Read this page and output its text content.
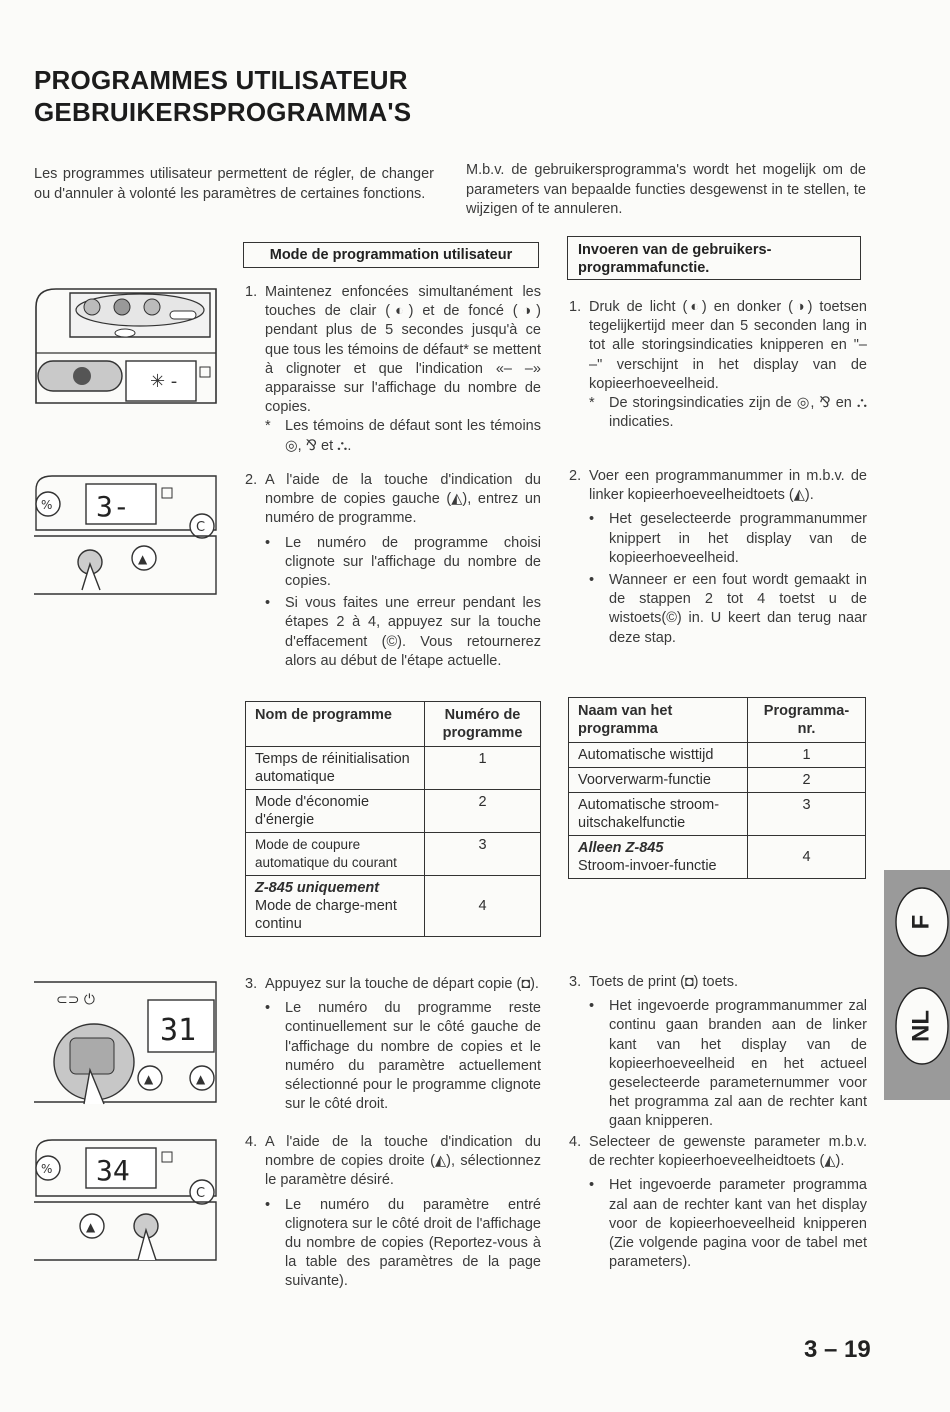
PROGRAMMES UTILISATEUR
GEBRUIKERSPROGRAMMA'S
Les programmes utilisateur permettent de régler, de changer ou d'annuler à volonté les paramètres de certaines fonctions.
M.b.v. de gebruikersprogramma's wordt het mogelijk om de parameters van bepaalde functies desgewenst in te stellen, te wijzigen of te annuleren.
Mode de programmation utilisateur	Invoeren van de gebruikers-programmafunctie.
✳ -
% 3-
C
▲
⊂⊃ ⏻
31
▲	▲
% 34
C
▲
1. Maintenez enfoncées simultanément les touches de clair (◐) et de foncé (◑) pendant plus de 5 secondes jusqu'à ce que tous les témoins de défaut* se mettent à clignoter et que l'indication «– –» apparaisse sur l'affichage du nombre de copies.
* Les témoins de défaut sont les témoins ◎, ⅋ et ⛬.
2. A l'aide de la touche d'indication du nombre de copies gauche (◭), entrez un numéro de programme.
• Le numéro de programme choisi clignote sur l'affichage du nombre de copies.
• Si vous faites une erreur pendant les étapes 2 à 4, appuyez sur la touche d'effacement (©). Vous retournerez alors au début de l'étape actuelle.
3. Appuyez sur la touche de départ copie (◘).
• Le numéro du programme reste continuellement sur le côté gauche de l'affichage du nombre de copies et le numéro du paramètre actuellement sélectionné pour le programme clignote sur le côté droit.
4. A l'aide de la touche d'indication du nombre de copies droite (◭), sélectionnez le paramètre désiré.
• Le numéro du paramètre entré clignotera sur le côté droit de l'affichage du nombre de copies (Reportez-vous à la table des paramètres de la page suivante).
1. Druk de licht (◐) en donker (◑) toetsen tegelijkertijd meer dan 5 seconden lang in tot alle storingsindicaties knipperen en "– –" verschijnt in het display van de kopieerhoeveelheid.
* De storingsindicaties zijn de ◎, ⅋ en ⛬ indicaties.
2. Voer een programmanummer in m.b.v. de linker kopieerhoeveelheidtoets (◭).
• Het geselecteerde programmanummer knippert in het display van de kopieerhoeveelheid.
• Wanneer er een fout wordt gemaakt in de stappen 2 tot 4 toetst u de wistoets(©) in. U keert dan terug naar deze stap.
3. Toets de print (◘) toets.
• Het ingevoerde programmanummer zal continu gaan branden aan de linker kant van het display van de kopieerhoeveelheid en het actueel geselecteerde parameternummer voor het programma zal aan de rechter kant gaan knipperen.
4. Selecteer de gewenste parameter m.b.v. de rechter kopieerhoeveelheidtoets (◭).
• Het ingevoerde parameter programma zal aan de rechter kant van het display voor de kopieerhoeveelheid knipperen (Zie volgende pagina voor de tabel met parameters).
Nom de programme	Numéro de programme
Temps de réinitialisation automatique	1
Mode d'économie d'énergie	2
Mode de coupure automatique du courant	3

Z-845 uniquement
Mode de charge-ment continu	4
Naam van het programma	Programma-nr.
Automatische wisttijd	1
Voorverwarm-functie	2
Automatische stroom-uitschakelfunctie	3

Alleen Z-845
Stroom-invoer-functie	4
F
NL
3 – 19
